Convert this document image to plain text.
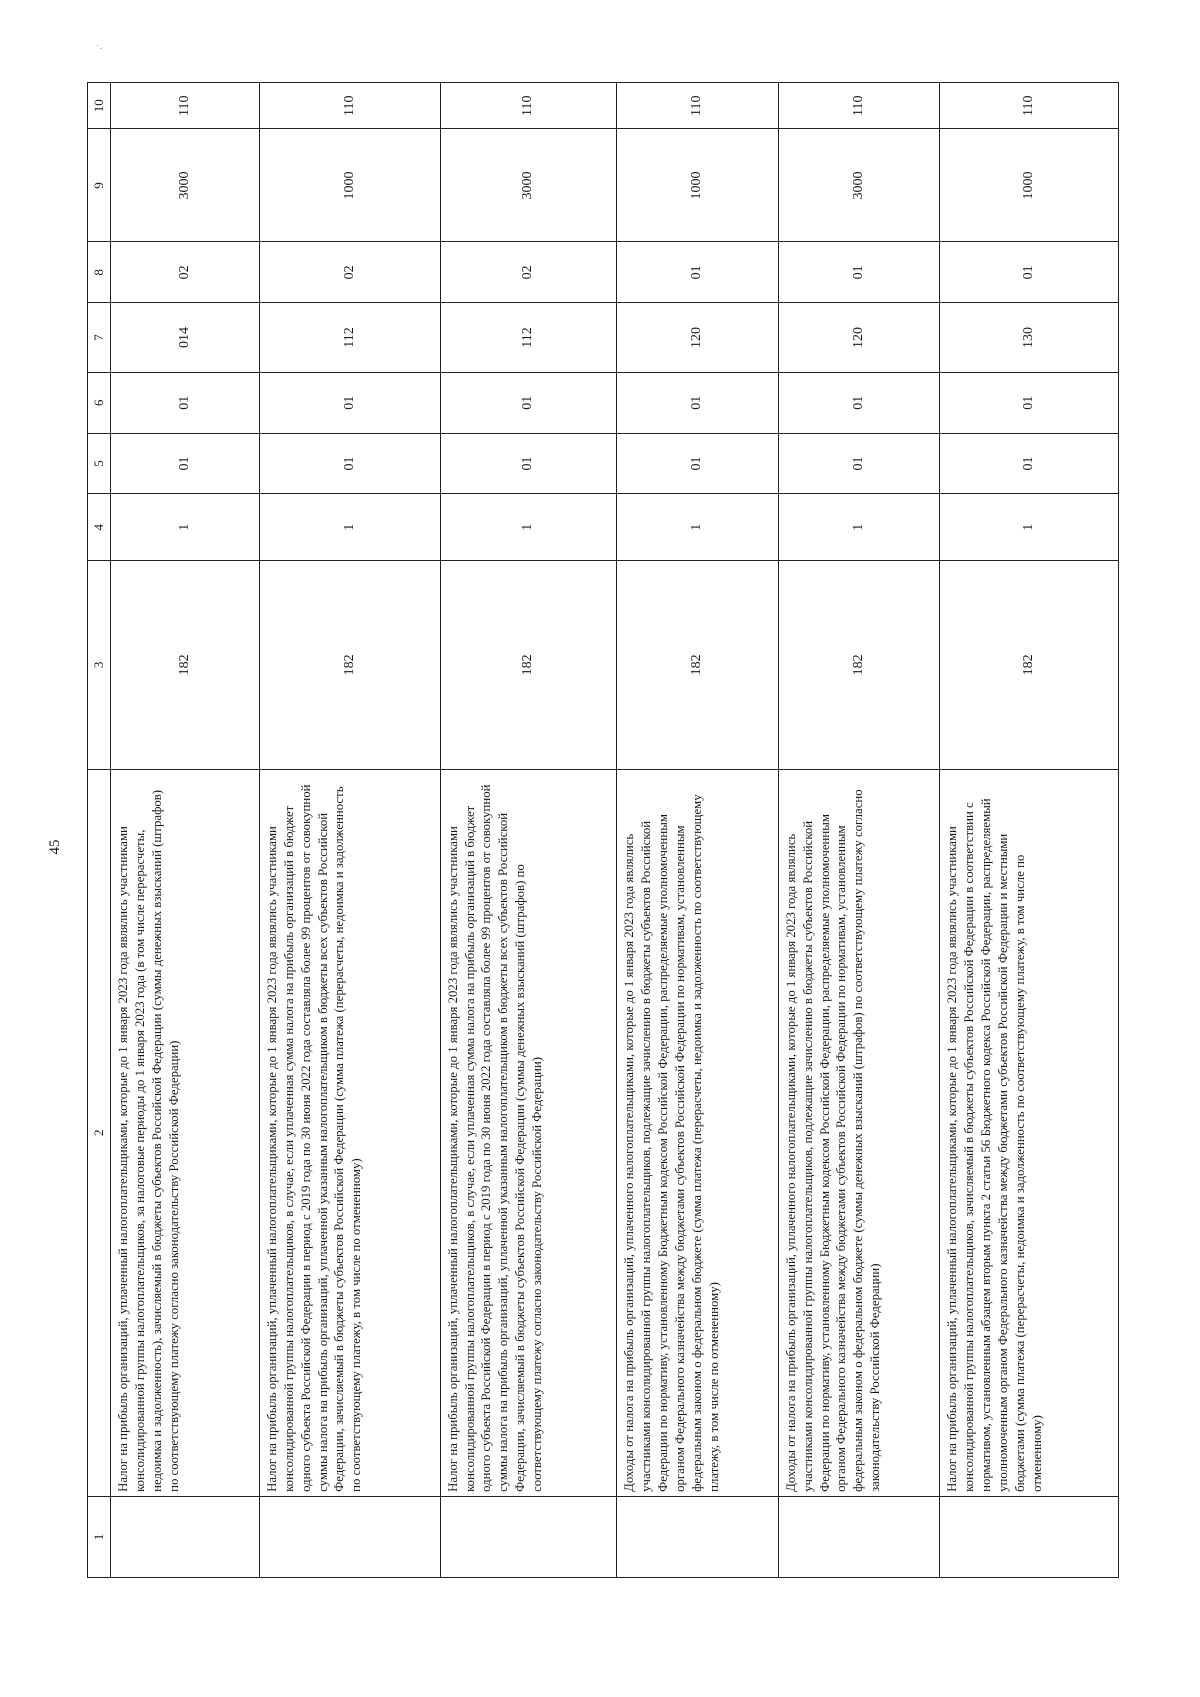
·.
45
1	2	3	4	5	6	7	8	9	10
	Налог на прибыль организаций, уплаченный налогоплательщиками, которые до 1 января 2023 года являлись участниками консолидированной группы налогоплательщиков, за налоговые периоды до 1 января 2023 года (в том числе перерасчеты, недоимка и задолженность), зачисляемый в бюджеты субъектов Российской Федерации (суммы денежных взысканий (штрафов) по соответствующему платежу согласно законодательству Российской Федерации)	182	1	01	01	014	02	3000	110
	Налог на прибыль организаций, уплаченный налогоплательщиками, которые до 1 января 2023 года являлись участниками консолидированной группы налогоплательщиков, в случае, если уплаченная сумма налога на прибыль организаций в бюджет одного субъекта Российской Федерации в период с 2019 года по 30 июня 2022 года составляла более 99 процентов от совокупной суммы налога на прибыль организаций, уплаченной указанным налогоплательщиком в бюджеты всех субъектов Российской Федерации, зачисляемый в бюджеты субъектов Российской Федерации (сумма платежа (перерасчеты, недоимка и задолженность по соответствующему платежу, в том числе по отмененному)	182	1	01	01	112	02	1000	110
	Налог на прибыль организаций, уплаченный налогоплательщиками, которые до 1 января 2023 года являлись участниками консолидированной группы налогоплательщиков, в случае, если уплаченная сумма налога на прибыль организаций в бюджет одного субъекта Российской Федерации в период с 2019 года по 30 июня 2022 года составляла более 99 процентов от совокупной суммы налога на прибыль организаций, уплаченной указанным налогоплательщиком в бюджеты всех субъектов Российской Федерации, зачисляемый в бюджеты субъектов Российской Федерации (суммы денежных взысканий (штрафов) по соответствующему платежу согласно законодательству Российской Федерации)	182	1	01	01	112	02	3000	110
	Доходы от налога на прибыль организаций, уплаченного налогоплательщиками, которые до 1 января 2023 года являлись участниками консолидированной группы налогоплательщиков, подлежащие зачислению в бюджеты субъектов Российской Федерации по нормативу, установленному Бюджетным кодексом Российской Федерации, распределяемые уполномоченным органом Федерального казначейства между бюджетами субъектов Российской Федерации по нормативам, установленным федеральным законом о федеральном бюджете (сумма платежа (перерасчеты, недоимка и задолженность по соответствующему платежу, в том числе по отмененному)	182	1	01	01	120	01	1000	110
	Доходы от налога на прибыль организаций, уплаченного налогоплательщиками, которые до 1 января 2023 года являлись участниками консолидированной группы налогоплательщиков, подлежащие зачислению в бюджеты субъектов Российской Федерации по нормативу, установленному Бюджетным кодексом Российской Федерации, распределяемые уполномоченным органом Федерального казначейства между бюджетами субъектов Российской Федерации по нормативам, установленным федеральным законом о федеральном бюджете (суммы денежных взысканий (штрафов) по соответствующему платежу согласно законодательству Российской Федерации)	182	1	01	01	120	01	3000	110
	Налог на прибыль организаций, уплаченный налогоплательщиками, которые до 1 января 2023 года являлись участниками консолидированной группы налогоплательщиков, зачисляемый в бюджеты субъектов Российской Федерации в соответствии с нормативом, установленным абзацем вторым пункта 2 статьи 56 Бюджетного кодекса Российской Федерации, распределяемый уполномоченным органом Федерального казначейства между бюджетами субъектов Российской Федерации и местными бюджетами (сумма платежа (перерасчеты, недоимка и задолженность по соответствующему платежу, в том числе по отмененному)	182	1	01	01	130	01	1000	110
